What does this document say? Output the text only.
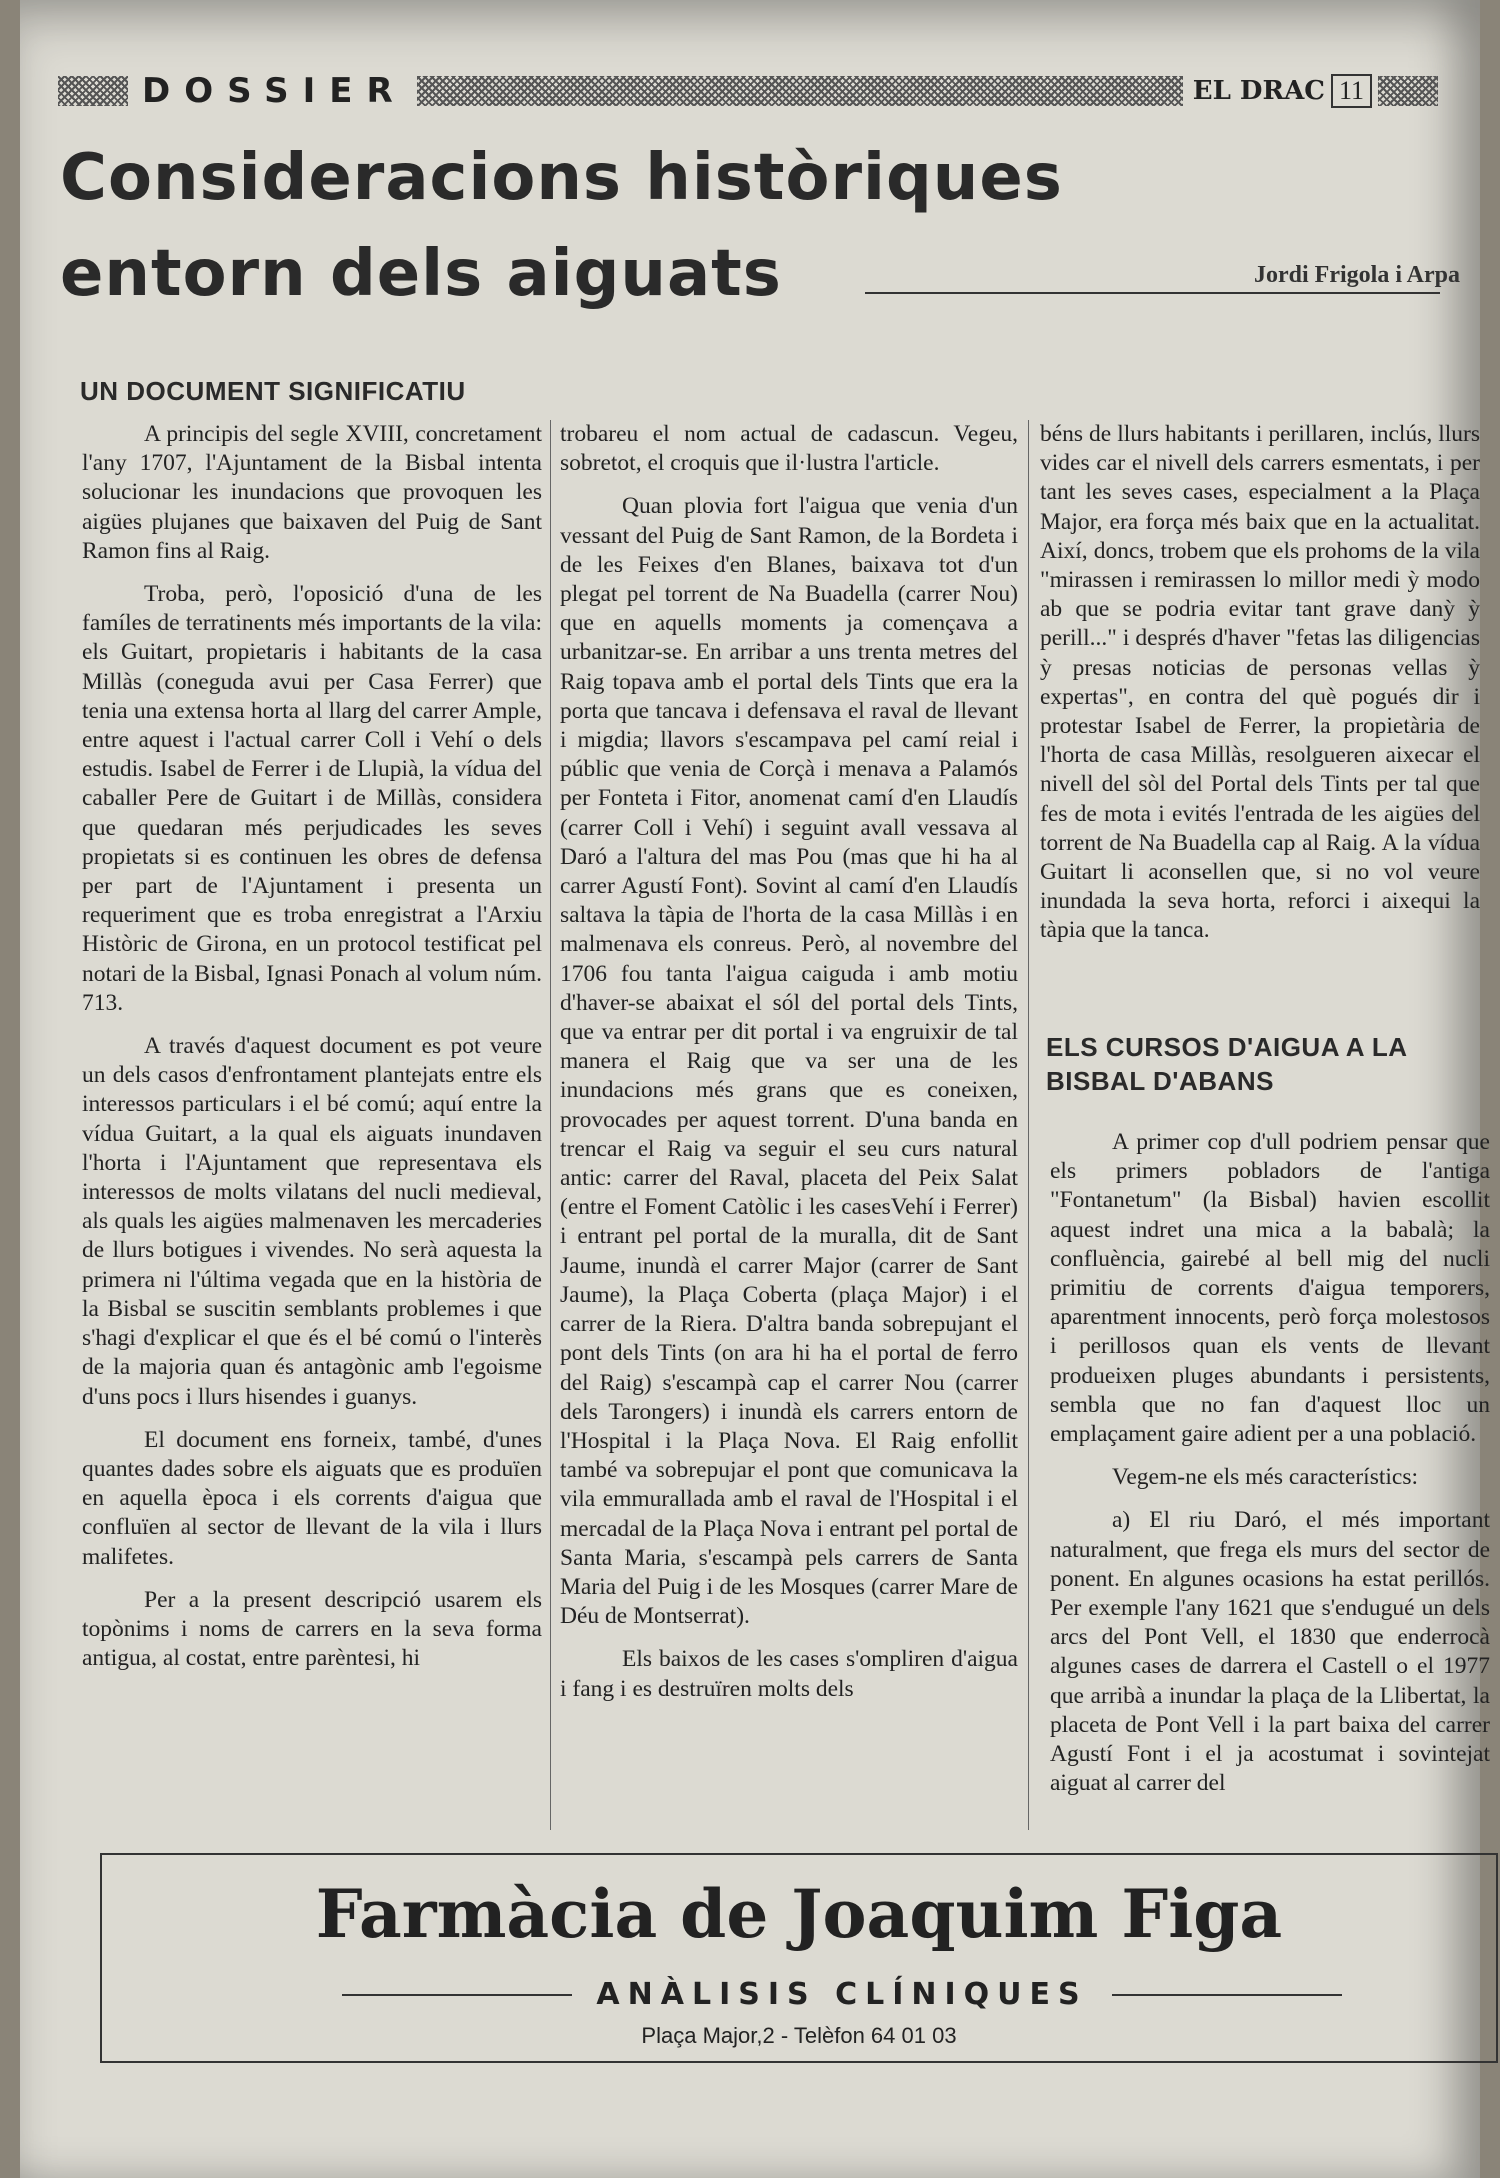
DOSSIER	EL DRAC 11
Consideracions històriques entorn dels aiguats	Jordi Frigola i Arpa
UN DOCUMENT SIGNIFICATIU

A principis del segle XVIII, concretament l'any 1707, l'Ajuntament de la Bisbal intenta solucionar les inundacions que provoquen les aigües plujanes que baixaven del Puig de Sant Ramon fins al Raig.

Troba, però, l'oposició d'una de les famíles de terratinents més importants de la vila: els Guitart, propietaris i habitants de la casa Millàs (coneguda avui per Casa Ferrer) que tenia una extensa horta al llarg del carrer Ample, entre aquest i l'actual carrer Coll i Vehí o dels estudis. Isabel de Ferrer i de Llupià, la vídua del caballer Pere de Guitart i de Millàs, considera que quedaran més perjudicades les seves propietats si es continuen les obres de defensa per part de l'Ajuntament i presenta un requeriment que es troba enregistrat a l'Arxiu Històric de Girona, en un protocol testificat pel notari de la Bisbal, Ignasi Ponach al volum núm. 713.

A través d'aquest document es pot veure un dels casos d'enfrontament plantejats entre els interessos particulars i el bé comú; aquí entre la vídua Guitart, a la qual els aiguats inundaven l'horta i l'Ajuntament que representava els interessos de molts vilatans del nucli medieval, als quals les aigües malmenaven les mercaderies de llurs botigues i vivendes. No serà aquesta la primera ni l'última vegada que en la història de la Bisbal se suscitin semblants problemes i que s'hagi d'explicar el que és el bé comú o l'interès de la majoria quan és antagònic amb l'egoisme d'uns pocs i llurs hisendes i guanys.

El document ens forneix, també, d'unes quantes dades sobre els aiguats que es produïen en aquella època i els corrents d'aigua que confluïen al sector de llevant de la vila i llurs malifetes.

Per a la present descripció usarem els topònims i noms de carrers en la seva forma antigua, al costat, entre parèntesi, hi

trobareu el nom actual de cadascun. Vegeu, sobretot, el croquis que il·lustra l'article.

Quan plovia fort l'aigua que venia d'un vessant del Puig de Sant Ramon, de la Bordeta i de les Feixes d'en Blanes, baixava tot d'un plegat pel torrent de Na Buadella (carrer Nou) que en aquells moments ja començava a urbanitzar-se. En arribar a uns trenta metres del Raig topava amb el portal dels Tints que era la porta que tancava i defensava el raval de llevant i migdia; llavors s'escampava pel camí reial i públic que venia de Corçà i menava a Palamós per Fonteta i Fitor, anomenat camí d'en Llaudís (carrer Coll i Vehí) i seguint avall vessava al Daró a l'altura del mas Pou (mas que hi ha al carrer Agustí Font). Sovint al camí d'en Llaudís saltava la tàpia de l'horta de la casa Millàs i en malmenava els conreus. Però, al novembre del 1706 fou tanta l'aigua caiguda i amb motiu d'haver-se abaixat el sól del portal dels Tints, que va entrar per dit portal i va engruixir de tal manera el Raig que va ser una de les inundacions més grans que es coneixen, provocades per aquest torrent. D'una banda en trencar el Raig va seguir el seu curs natural antic: carrer del Raval, placeta del Peix Salat (entre el Foment Catòlic i les casesVehí i Ferrer) i entrant pel portal de la muralla, dit de Sant Jaume, inundà el carrer Major (carrer de Sant Jaume), la Plaça Coberta (plaça Major) i el carrer de la Riera. D'altra banda sobrepujant el pont dels Tints (on ara hi ha el portal de ferro del Raig) s'escampà cap el carrer Nou (carrer dels Tarongers) i inundà els carrers entorn de l'Hospital i la Plaça Nova. El Raig enfollit també va sobrepujar el pont que comunicava la vila emmurallada amb el raval de l'Hospital i el mercadal de la Plaça Nova i entrant pel portal de Santa Maria, s'escampà pels carrers de Santa Maria del Puig i de les Mosques (carrer Mare de Déu de Montserrat).

Els baixos de les cases s'ompliren d'aigua i fang i es destruïren molts dels

béns de llurs habitants i perillaren, inclús, llurs vides car el nivell dels carrers esmentats, i per tant les seves cases, especialment a la Plaça Major, era força més baix que en la actualitat. Així, doncs, trobem que els prohoms de la vila "mirassen i remirassen lo millor medi ỳ modo ab que se podria evitar tant grave danỳ ỳ perill..." i després d'haver "fetas las diligencias ỳ presas noticias de personas vellas ỳ expertas", en contra del què pogués dir i protestar Isabel de Ferrer, la propietària de l'horta de casa Millàs, resolgueren aixecar el nivell del sòl del Portal dels Tints per tal que fes de mota i evités l'entrada de les aigües del torrent de Na Buadella cap al Raig. A la vídua Guitart li aconsellen que, si no vol veure inundada la seva horta, reforci i aixequi la tàpia que la tanca.

ELS CURSOS D'AIGUA A LA BISBAL D'ABANS

A primer cop d'ull podriem pensar que els primers pobladors de l'antiga "Fontanetum" (la Bisbal) havien escollit aquest indret una mica a la babalà; la confluència, gairebé al bell mig del nucli primitiu de corrents d'aigua temporers, aparentment innocents, però força molestosos i perillosos quan els vents de llevant produeixen pluges abundants i persistents, sembla que no fan d'aquest lloc un emplaçament gaire adient per a una població.

Vegem-ne els més característics:

a) El riu Daró, el més important naturalment, que frega els murs del sector de ponent. En algunes ocasions ha estat perillós. Per exemple l'any 1621 que s'endugué un dels arcs del Pont Vell, el 1830 que enderrocà algunes cases de darrera el Castell o el 1977 que arribà a inundar la plaça de la Llibertat, la placeta de Pont Vell i la part baixa del carrer Agustí Font i el ja acostumat i sovintejat aiguat al carrer del

Farmàcia de Joaquim Figa
ANÀLISIS CLÍNIQUES
Plaça Major,2 - Telèfon 64 01 03
